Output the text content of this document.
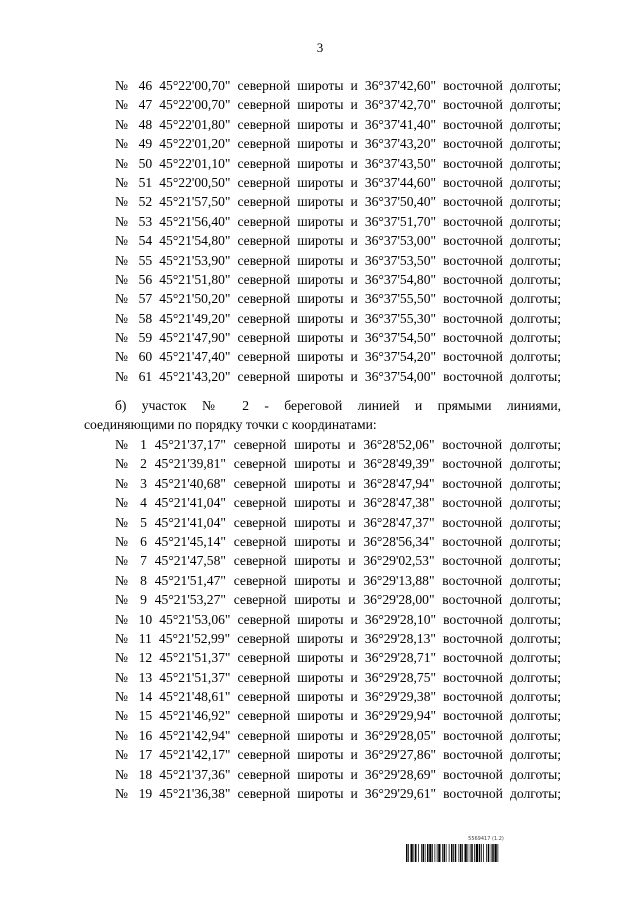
3
№ 46 45°22'00,70" северной широты и 36°37'42,60" восточной долготы;
№ 47 45°22'00,70" северной широты и 36°37'42,70" восточной долготы;
№ 48 45°22'01,80" северной широты и 36°37'41,40" восточной долготы;
№ 49 45°22'01,20" северной широты и 36°37'43,20" восточной долготы;
№ 50 45°22'01,10" северной широты и 36°37'43,50" восточной долготы;
№ 51 45°22'00,50" северной широты и 36°37'44,60" восточной долготы;
№ 52 45°21'57,50" северной широты и 36°37'50,40" восточной долготы;
№ 53 45°21'56,40" северной широты и 36°37'51,70" восточной долготы;
№ 54 45°21'54,80" северной широты и 36°37'53,00" восточной долготы;
№ 55 45°21'53,90" северной широты и 36°37'53,50" восточной долготы;
№ 56 45°21'51,80" северной широты и 36°37'54,80" восточной долготы;
№ 57 45°21'50,20" северной широты и 36°37'55,50" восточной долготы;
№ 58 45°21'49,20" северной широты и 36°37'55,30" восточной долготы;
№ 59 45°21'47,90" северной широты и 36°37'54,50" восточной долготы;
№ 60 45°21'47,40" северной широты и 36°37'54,20" восточной долготы;
№ 61 45°21'43,20" северной широты и 36°37'54,00" восточной долготы;
б) участок № 2 - береговой линией и прямыми линиями,
соединяющими по порядку точки с координатами:
№ 1 45°21'37,17" северной широты и 36°28'52,06" восточной долготы;
№ 2 45°21'39,81" северной широты и 36°28'49,39" восточной долготы;
№ 3 45°21'40,68" северной широты и 36°28'47,94" восточной долготы;
№ 4 45°21'41,04" северной широты и 36°28'47,38" восточной долготы;
№ 5 45°21'41,04" северной широты и 36°28'47,37" восточной долготы;
№ 6 45°21'45,14" северной широты и 36°28'56,34" восточной долготы;
№ 7 45°21'47,58" северной широты и 36°29'02,53" восточной долготы;
№ 8 45°21'51,47" северной широты и 36°29'13,88" восточной долготы;
№ 9 45°21'53,27" северной широты и 36°29'28,00" восточной долготы;
№ 10 45°21'53,06" северной широты и 36°29'28,10" восточной долготы;
№ 11 45°21'52,99" северной широты и 36°29'28,13" восточной долготы;
№ 12 45°21'51,37" северной широты и 36°29'28,71" восточной долготы;
№ 13 45°21'51,37" северной широты и 36°29'28,75" восточной долготы;
№ 14 45°21'48,61" северной широты и 36°29'29,38" восточной долготы;
№ 15 45°21'46,92" северной широты и 36°29'29,94" восточной долготы;
№ 16 45°21'42,94" северной широты и 36°29'28,05" восточной долготы;
№ 17 45°21'42,17" северной широты и 36°29'27,86" восточной долготы;
№ 18 45°21'37,36" северной широты и 36°29'28,69" восточной долготы;
№ 19 45°21'36,38" северной широты и 36°29'29,61" восточной долготы;
5569417 (1.2)
